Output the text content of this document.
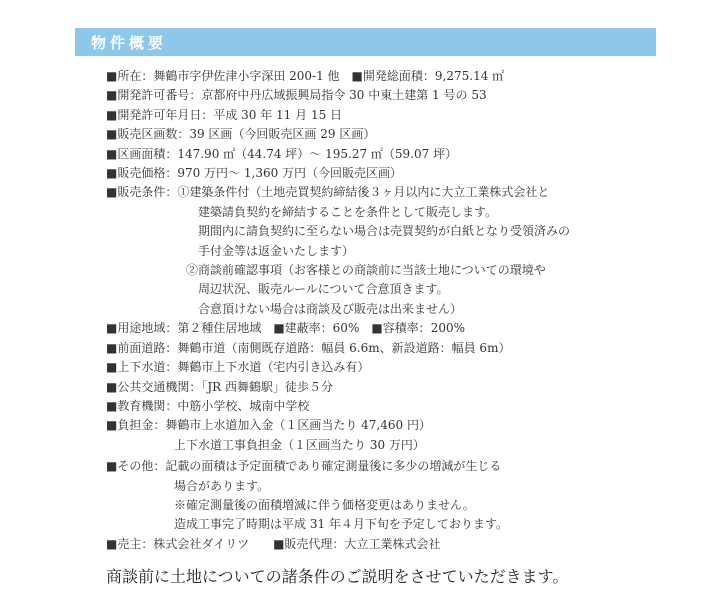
物件概要
■所在：舞鶴市字伊佐津小字深田 200-1 他　■開発総面積：9,275.14 ㎡
■開発許可番号：京都府中丹広域振興局指令 30 中東土建第 1 号の 53
■開発許可年月日：平成 30 年 11 月 15 日
■販売区画数：39 区画（今回販売区画 29 区画）
■区画面積：147.90 ㎡（44.74 坪）～ 195.27 ㎡（59.07 坪）
■販売価格：970 万円～ 1,360 万円（今回販売区画）
■販売条件：①建築条件付（土地売買契約締結後３ヶ月以内に大立工業株式会社と
建築請負契約を締結することを条件として販売します。
期間内に請負契約に至らない場合は売買契約が白紙となり受領済みの
手付金等は返金いたします）
②商談前確認事項（お客様との商談前に当該土地についての環境や
周辺状況、販売ルールについて合意頂きます。
合意頂けない場合は商談及び販売は出来ません）
■用途地域：第２種住居地域　■建蔽率：60%　■容積率：200%
■前面道路：舞鶴市道（南側既存道路：幅員 6.6m、新設道路：幅員 6m）
■上下水道：舞鶴市上下水道（宅内引き込み有）
■公共交通機関：「JR 西舞鶴駅」徒歩５分
■教育機関：中筋小学校、城南中学校
■負担金：舞鶴市上水道加入金（１区画当たり 47,460 円）
上下水道工事負担金（１区画当たり 30 万円）
■その他：記載の面積は予定面積であり確定測量後に多少の増減が生じる
場合があります。
※確定測量後の面積増減に伴う価格変更はありません。
造成工事完了時期は平成 31 年４月下旬を予定しております。
■売主：株式会社ダイリツ　　■販売代理：大立工業株式会社
商談前に土地についての諸条件のご説明をさせていただきます。
